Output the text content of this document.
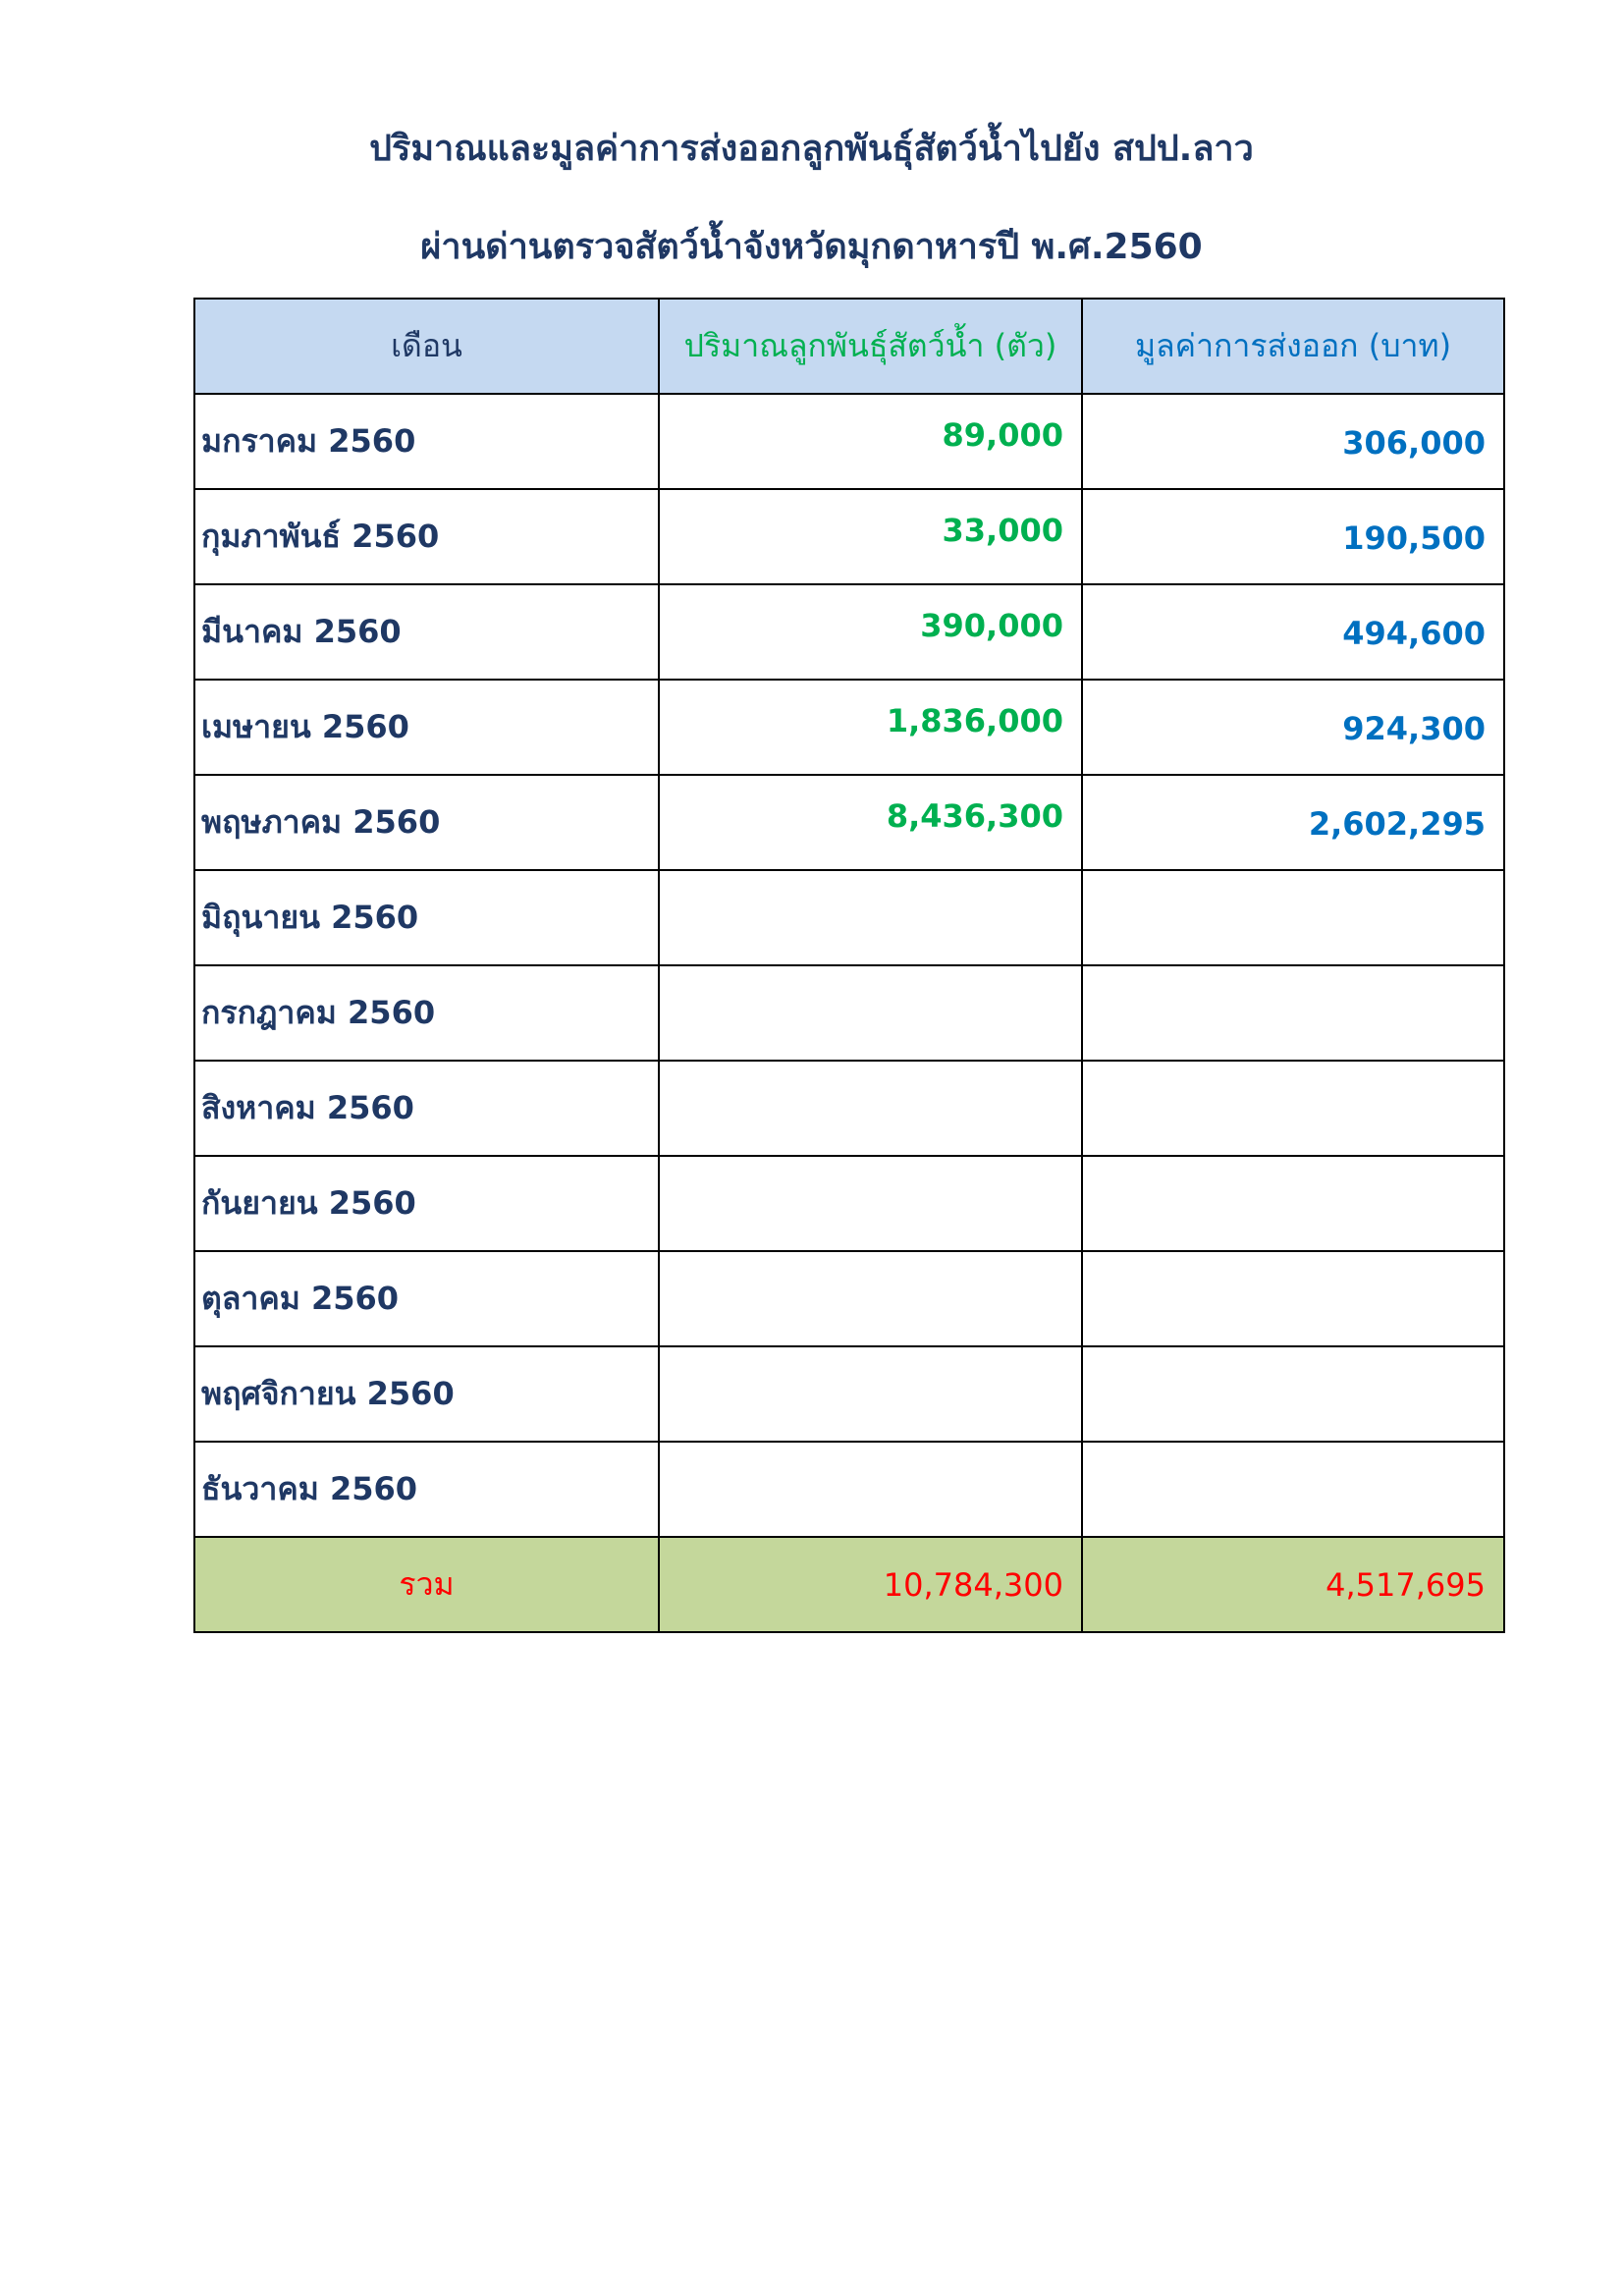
ปริมาณและมูลค่าการส่งออกลูกพันธุ์สัตว์น้ำไปยัง สปป.ลาว
ผ่านด่านตรวจสัตว์น้ำจังหวัดมุกดาหารปี พ.ศ.2560
เดือน	ปริมาณลูกพันธุ์สัตว์น้ำ (ตัว)	มูลค่าการส่งออก (บาท)
มกราคม 2560	89,000	306,000
กุมภาพันธ์ 2560	33,000	190,500
มีนาคม 2560	390,000	494,600
เมษายน 2560	1,836,000	924,300
พฤษภาคม 2560	8,436,300	2,602,295
มิถุนายน 2560		
กรกฎาคม 2560		
สิงหาคม 2560		
กันยายน 2560		
ตุลาคม 2560		
พฤศจิกายน 2560		
ธันวาคม 2560		
รวม	10,784,300	4,517,695
